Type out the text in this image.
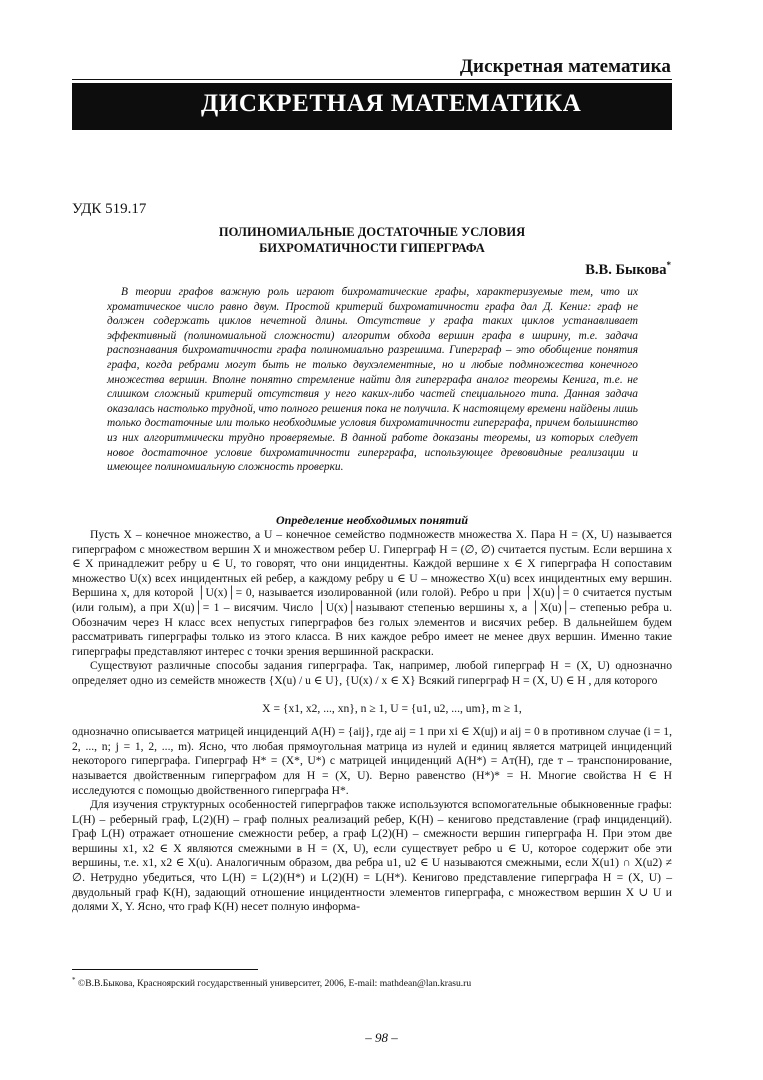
Дискретная математика
ДИСКРЕТНАЯ МАТЕМАТИКА
УДК 519.17
ПОЛИНОМИАЛЬНЫЕ ДОСТАТОЧНЫЕ УСЛОВИЯ
БИХРОМАТИЧНОСТИ ГИПЕРГРАФА
В.В. Быкова*

В теории графов важную роль играют бихроматические графы, характеризуемые тем, что их хроматическое число равно двум. Простой критерий бихроматичности графа дал Д. Кениг: граф не должен содержать циклов нечетной длины. Отсутствие у графа таких циклов устанавливает эффективный (полиномиальной сложности) алгоритм обхода вершин графа в ширину, т.е. задача распознавания бихроматичности графа полиномиально разрешима. Гиперграф – это обобщение понятия графа, когда ребрами могут быть не только двухэлементные, но и любые подмножества конечного множества вершин. Вполне понятно стремление найти для гиперграфа аналог теоремы Кенига, т.е. не слишком сложный критерий отсутствия у него каких-либо частей специального типа. Данная задача оказалась настолько трудной, что полного решения пока не получила. К настоящему времени найдены лишь только достаточные или только необходимые условия бихроматичности гиперграфа, причем большинство из них алгоритмически трудно проверяемые. В данной работе доказаны теоремы, из которых следует новое достаточное условие бихроматичности гиперграфа, использующее древовидные реализации и имеющее полиномиальную сложность проверки.

Определение необходимых понятий

Пусть X – конечное множество, а U – конечное семейство подмножеств множества X. Пара H = (X, U) называется гиперграфом с множеством вершин X и множеством ребер U. Гиперграф H = (∅, ∅) считается пустым. Если вершина x ∈ X принадлежит ребру u ∈ U, то говорят, что они инцидентны. Каждой вершине x ∈ X гиперграфа H сопоставим множество U(x) всех инцидентных ей ребер, а каждому ребру u ∈ U – множество X(u) всех инцидентных ему вершин. Вершина x, для которой │U(x)│= 0, называется изолированной (или голой). Ребро u при │X(u)│= 0 считается пустым (или голым), а при X(u)│= 1 – висячим. Число │U(x)│называют степенью вершины x, а │X(u)│– степенью ребра u. Обозначим через H класс всех непустых гиперграфов без голых элементов и висячих ребер. В дальнейшем будем рассматривать гиперграфы только из этого класса. В них каждое ребро имеет не менее двух вершин. Именно такие гиперграфы представляют интерес с точки зрения вершинной раскраски.

Существуют различные способы задания гиперграфа. Так, например, любой гиперграф H = (X, U) однозначно определяет одно из семейств множеств {X(u) / u ∈ U}, {U(x) / x ∈ X} Всякий гиперграф H = (X, U) ∈ H , для которого

X = {x1, x2, ..., xn}, n ≥ 1, U = {u1, u2, ..., um}, m ≥ 1,

однозначно описывается матрицей инциденций A(H) = {aij}, где aij = 1 при xi ∈ X(uj) и aij = 0 в противном случае (i = 1, 2, ..., n; j = 1, 2, ..., m). Ясно, что любая прямоугольная матрица из нулей и единиц является матрицей инциденций некоторого гиперграфа. Гиперграф H* = (X*, U*) с матрицей инциденций A(H*) = Aт(H), где т – транспонирование, называется двойственным гиперграфом для H = (X, U). Верно равенство (H*)* = H. Многие свойства H ∈ H исследуются с помощью двойственного гиперграфа H*.

Для изучения структурных особенностей гиперграфов также используются вспомогательные обыкновенные графы: L(H) – реберный граф, L(2)(H) – граф полных реализаций ребер, K(H) – кенигово представление (граф инциденций). Граф L(H) отражает отношение смежности ребер, а граф L(2)(H) – смежности вершин гиперграфа H. При этом две вершины x1, x2 ∈ X являются смежными в H = (X, U), если существует ребро u ∈ U, которое содержит обе эти вершины, т.е. x1, x2 ∈ X(u). Аналогичным образом, два ребра u1, u2 ∈ U называются смежными, если X(u1) ∩ X(u2) ≠ ∅. Нетрудно убедиться, что L(H) = L(2)(H*) и L(2)(H) = L(H*). Кенигово представление гиперграфа H = (X, U) – двудольный граф K(H), задающий отношение инцидентности элементов гиперграфа, с множеством вершин X ∪ U и долями X, Y. Ясно, что граф K(H) несет полную информа-

* ©В.В.Быкова, Красноярский государственный университет, 2006, E-mail: mathdean@lan.krasu.ru
– 98 –
